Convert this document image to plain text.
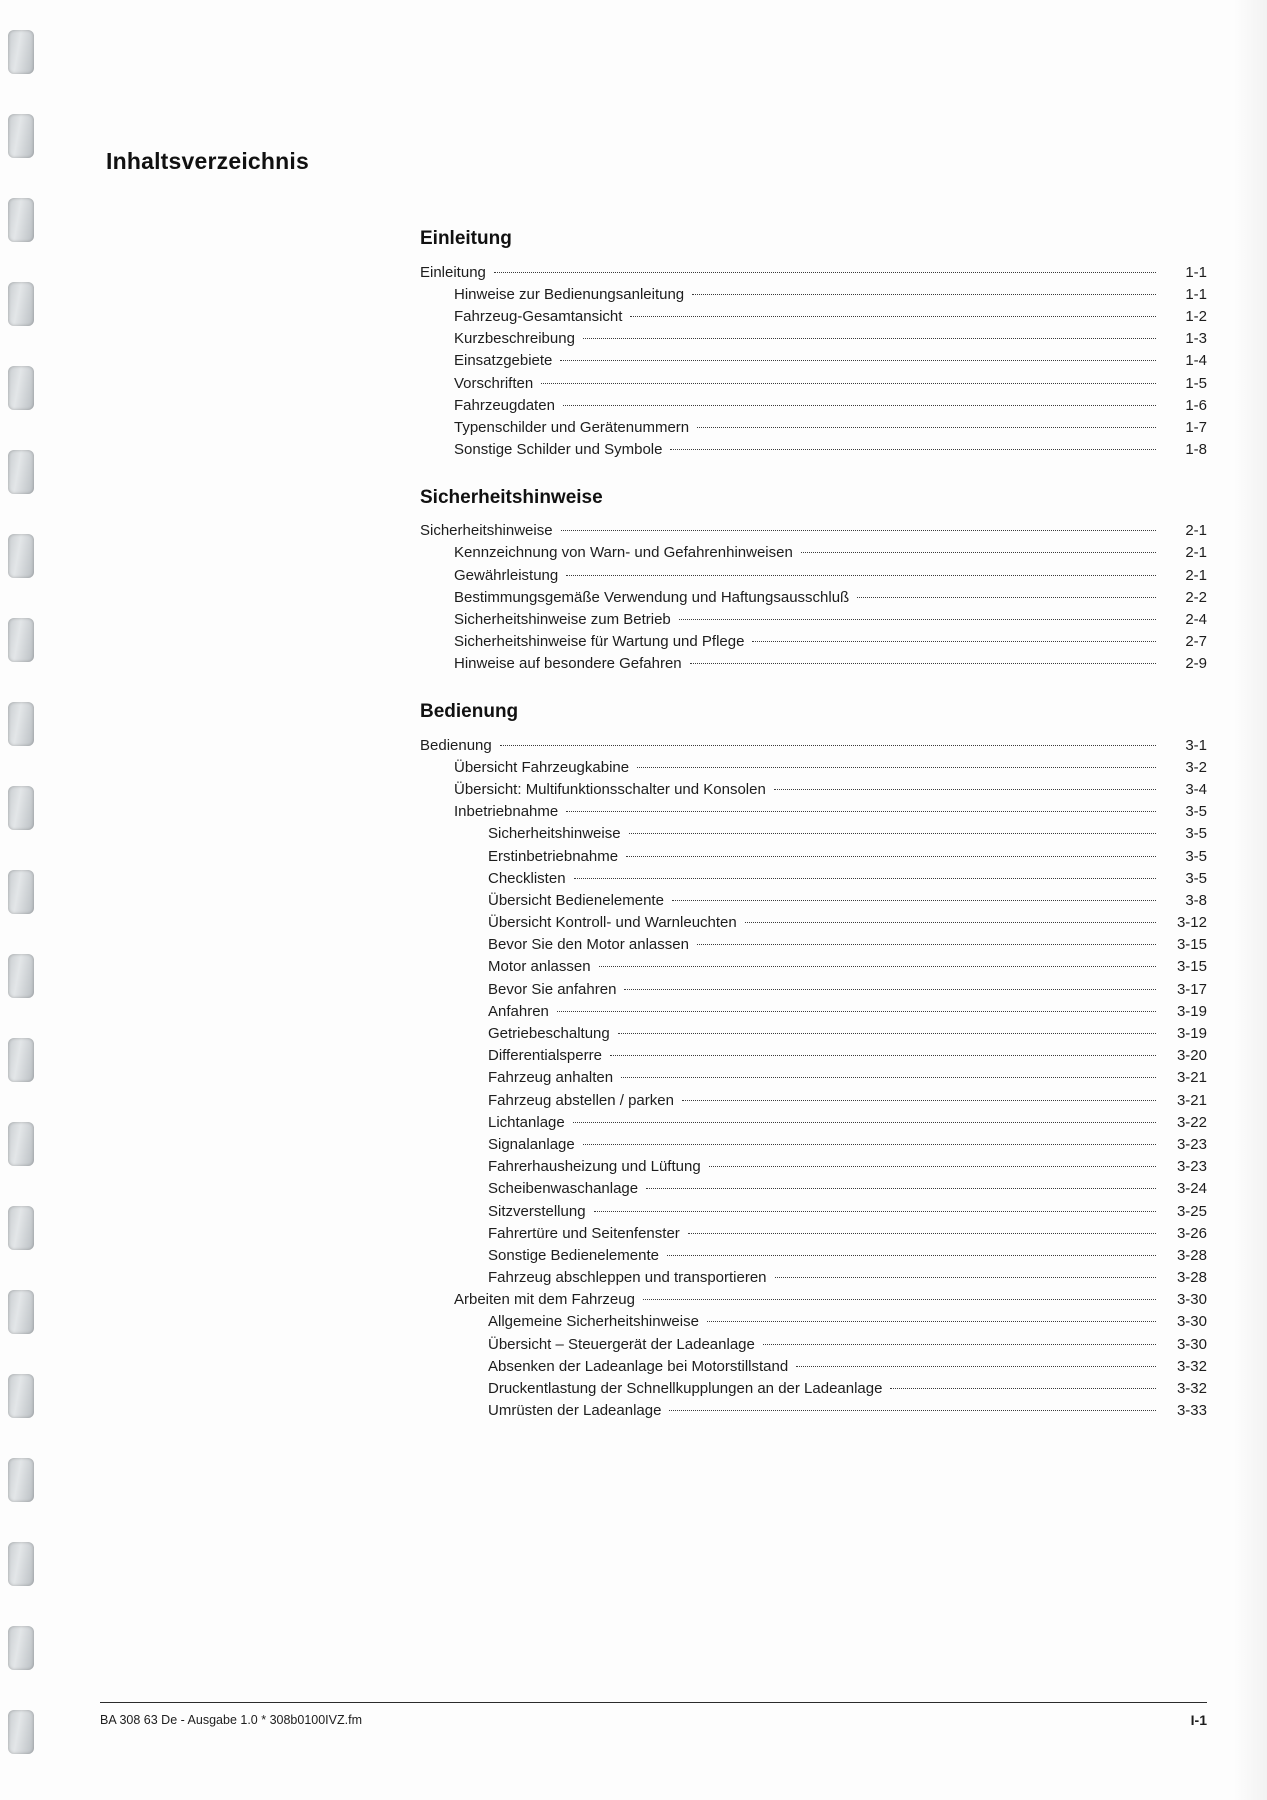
Inhaltsverzeichnis
Einleitung
Einleitung	1-1
Hinweise zur Bedienungsanleitung	1-1
Fahrzeug-Gesamtansicht	1-2
Kurzbeschreibung	1-3
Einsatzgebiete	1-4
Vorschriften	1-5
Fahrzeugdaten	1-6
Typenschilder und Gerätenummern	1-7
Sonstige Schilder und Symbole	1-8
Sicherheitshinweise
Sicherheitshinweise	2-1
Kennzeichnung von Warn- und Gefahrenhinweisen	2-1
Gewährleistung	2-1
Bestimmungsgemäße Verwendung und Haftungsausschluß	2-2
Sicherheitshinweise zum Betrieb	2-4
Sicherheitshinweise für Wartung und Pflege	2-7
Hinweise auf besondere Gefahren	2-9
Bedienung
Bedienung	3-1
Übersicht Fahrzeugkabine	3-2
Übersicht: Multifunktionsschalter und Konsolen	3-4
Inbetriebnahme	3-5
Sicherheitshinweise	3-5
Erstinbetriebnahme	3-5
Checklisten	3-5
Übersicht Bedienelemente	3-8
Übersicht Kontroll- und Warnleuchten	3-12
Bevor Sie den Motor anlassen	3-15
Motor anlassen	3-15
Bevor Sie anfahren	3-17
Anfahren	3-19
Getriebeschaltung	3-19
Differentialsperre	3-20
Fahrzeug anhalten	3-21
Fahrzeug abstellen / parken	3-21
Lichtanlage	3-22
Signalanlage	3-23
Fahrerhausheizung und Lüftung	3-23
Scheibenwaschanlage	3-24
Sitzverstellung	3-25
Fahrertüre und Seitenfenster	3-26
Sonstige Bedienelemente	3-28
Fahrzeug abschleppen und transportieren	3-28
Arbeiten mit dem Fahrzeug	3-30
Allgemeine Sicherheitshinweise	3-30
Übersicht – Steuergerät der Ladeanlage	3-30
Absenken der Ladeanlage bei Motorstillstand	3-32
Druckentlastung der Schnellkupplungen an der Ladeanlage	3-32
Umrüsten der Ladeanlage	3-33
BA 308 63 De - Ausgabe 1.0 * 308b0100IVZ.fm	I-1
